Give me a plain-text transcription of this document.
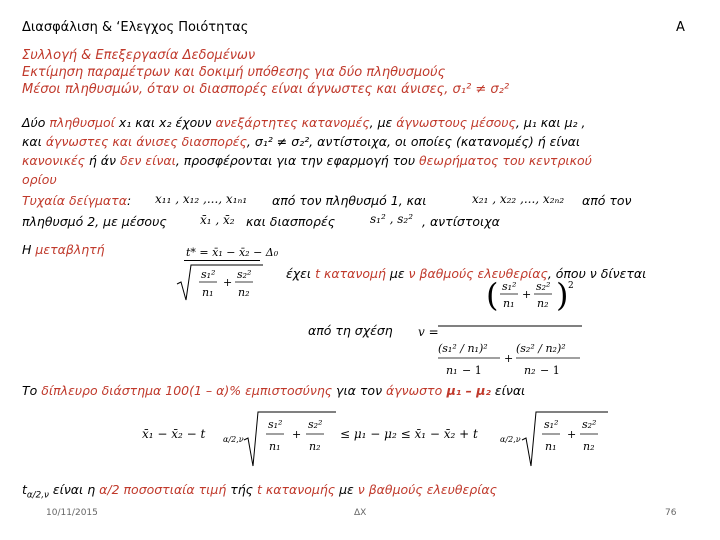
Διασφάλιση & ‘Ελεγχος Ποιότητας	Α
Συλλογή & Επεξεργασία Δεδομένων
Εκτίμηση παραμέτρων και δοκιμή υπόθεσης για δύο πληθυσμούς
Μέσοι πληθυσμών, όταν οι διασπορές είναι άγνωστες και άνισες, σ₁² ≠ σ₂²
Δύο πληθυσμοί x₁ και x₂ έχουν ανεξάρτητες κατανομές, με άγνωστους μέσους, μ₁ και μ₂ ,
και άγνωστες και άνισες διασπορές, σ₁² ≠ σ₂², αντίστοιχα, οι οποίες (κατανομές) ή είναι
κανονικές ή άν δεν είναι, προσφέρονται για την εφαρμογή του θεωρήματος του κεντρικού
ορίου
Τυχαία δείγματα: x₁₁ , x₁₂ ,..., x₁ₙ₁ από τον πληθυσμό 1, και	x₂₁ , x₂₂ ,..., x₂ₙ₂ από τον
πληθυσμό 2, με μέσους	x̄₁ , x̄₂ και διασπορές	s₁² , s₂² , αντίστοιχα
Η μεταβλητή	t* = x̄₁ − x̄₂ − Δ₀
s₁²
n₁
+
s₂²
n₂
έχει t κατανομή με ν βαθμούς ελευθερίας, όπου ν δίνεται
από τη σχέση v =
( s₁²
n₁
+
s₂²
n₂ ) 2
(s₁² / n₁)²
n₁ − 1
+
(s₂² / n₂)²
n₂ − 1
Το δίπλευρο διάστημα 100(1 – α)% εμπιστοσύνης για τον άγνωστο μ₁ – μ₂ είναι
x̄₁ − x̄₂ − t α/2,ν
s₁²
n₁
+
s₂²
n₂
≤ μ₁ − μ₂ ≤ x̄₁ − x̄₂ + t	α/2,ν
s₁²
n₁
+
s₂²
n₂
$t_{\alpha/2,\nu}$ είναι η α/2 ποσοστιαία τιμή τής t κατανομής με ν βαθμούς ελευθερίας
10/11/2015	ΔΧ	76
